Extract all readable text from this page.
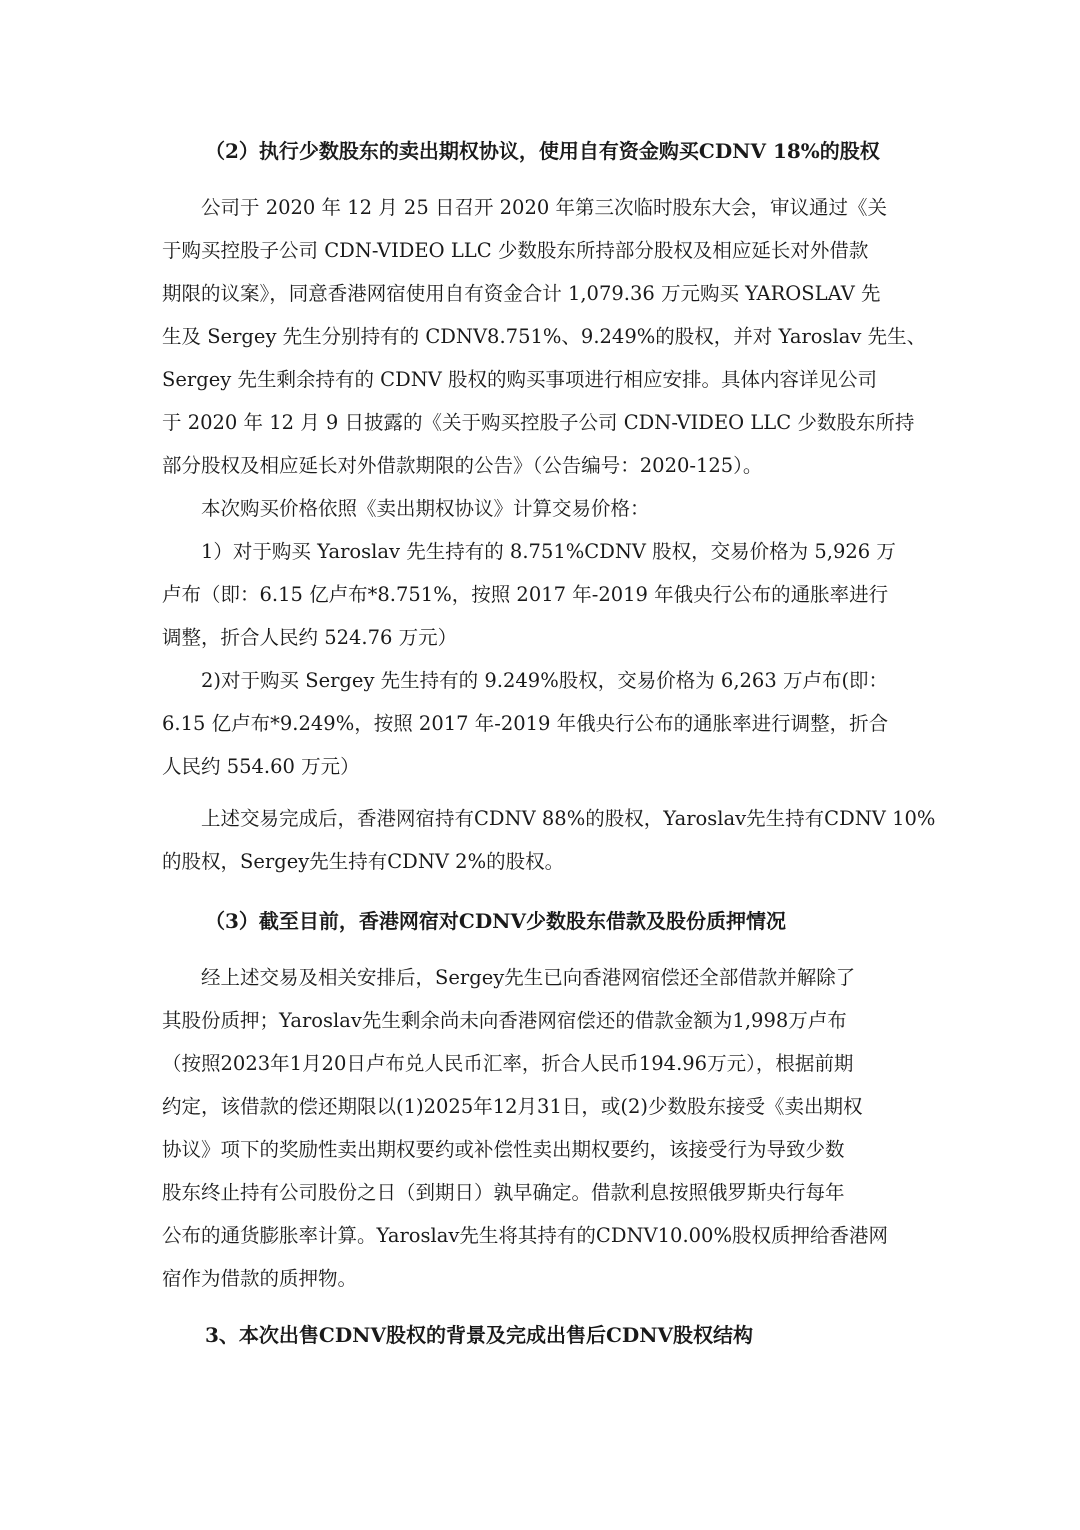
（2）执行少数股东的卖出期权协议，使用自有资金购买CDNV 18%的股权
公司于 2020 年 12 月 25 日召开 2020 年第三次临时股东大会，审议通过《关
于购买控股子公司 CDN-VIDEO LLC 少数股东所持部分股权及相应延长对外借款
期限的议案》，同意香港网宿使用自有资金合计 1,079.36 万元购买 YAROSLAV 先
生及 Sergey 先生分别持有的 CDNV8.751%、9.249%的股权，并对 Yaroslav 先生、
Sergey 先生剩余持有的 CDNV 股权的购买事项进行相应安排。具体内容详见公司
于 2020 年 12 月 9 日披露的《关于购买控股子公司 CDN-VIDEO LLC 少数股东所持
部分股权及相应延长对外借款期限的公告》（公告编号：2020-125）。
本次购买价格依照《卖出期权协议》计算交易价格：
1）对于购买 Yaroslav 先生持有的 8.751%CDNV 股权，交易价格为 5,926 万
卢布（即：6.15 亿卢布*8.751%，按照 2017 年-2019 年俄央行公布的通胀率进行
调整，折合人民约 524.76 万元）
2)对于购买 Sergey 先生持有的 9.249%股权，交易价格为 6,263 万卢布(即：
6.15 亿卢布*9.249%，按照 2017 年-2019 年俄央行公布的通胀率进行调整，折合
人民约 554.60 万元）
上述交易完成后，香港网宿持有CDNV 88%的股权，Yaroslav先生持有CDNV 10%
的股权，Sergey先生持有CDNV 2%的股权。
（3）截至目前，香港网宿对CDNV少数股东借款及股份质押情况
经上述交易及相关安排后，Sergey先生已向香港网宿偿还全部借款并解除了
其股份质押；Yaroslav先生剩余尚未向香港网宿偿还的借款金额为1,998万卢布
（按照2023年1月20日卢布兑人民币汇率，折合人民币194.96万元），根据前期
约定，该借款的偿还期限以(1)2025年12月31日，或(2)少数股东接受《卖出期权
协议》项下的奖励性卖出期权要约或补偿性卖出期权要约，该接受行为导致少数
股东终止持有公司股份之日（到期日）孰早确定。借款利息按照俄罗斯央行每年
公布的通货膨胀率计算。Yaroslav先生将其持有的CDNV10.00%股权质押给香港网
宿作为借款的质押物。
3、本次出售CDNV股权的背景及完成出售后CDNV股权结构
